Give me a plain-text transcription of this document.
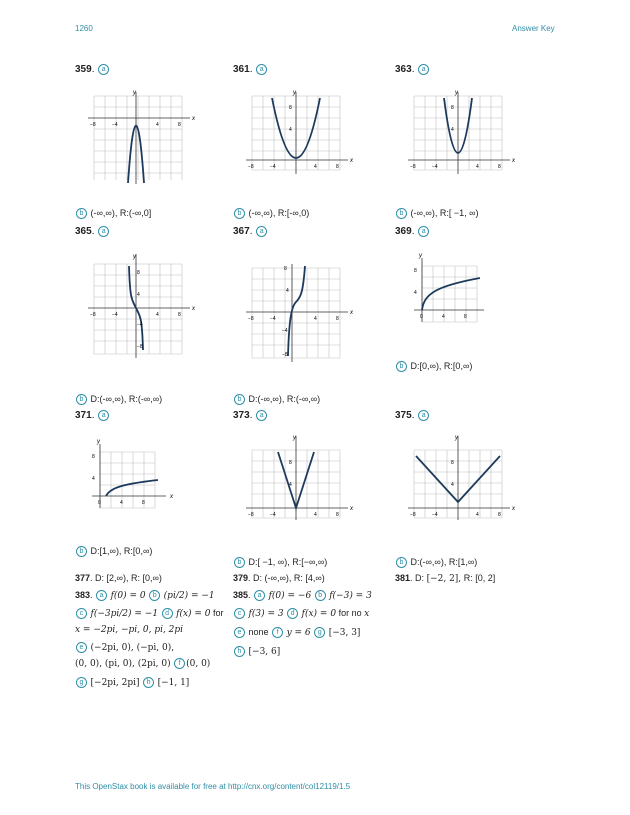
1260	Answer Key
359. a	361. a	363. a
x
y
−8	−4	4	8
x
y
8
4
−8	−4	4	8
x
y
8
4
−8	−4	4	8
b (-∞,∞), R:(-∞,0]	b (-∞,∞), R:[-∞,0)	b (-∞,∞), R:[ −1, ∞)
365. a	367. a	369. a
x
y
8
4
−4
−8
−8	−4	4	8	x
8
4
−4
−8
−8	−4	4	8
y
8
4
0	4	8
b D:[0,∞), R:[0,∞)
b D:(-∞,∞), R:(-∞,∞)	b D:(-∞,∞), R:(-∞,∞)
371. a	373. a	375. a
x
y
8
4
0	4	8
x
y
8
4
−8	−4	4	8
x
y
8
4
−8	−4	4	8
b D:[1,∞), R:[0,∞)
b D:[ −1, ∞), R:[−∞,∞)	b D:(-∞,∞), R:[1,∞)
377. D: [2,∞), R: [0,∞)	379. D: (-∞,∞), R: [4,∞)	381. D: [−2, 2], R: [0, 2]
383. a f(0) = 0 b (pi/2) = −1
c f(−3pi/2) = −1 d f(x) = 0 for
x = −2pi, −pi, 0, pi, 2pi
e (−2pi, 0), (−pi, 0),
(0, 0), (pi, 0), (2pi, 0) f (0, 0)
g [−2pi, 2pi] h [−1, 1]
385. a f(0) = −6 b f(−3) = 3
c f(3) = 3 d f(x) = 0 for no x
e none f y = 6 g [−3, 3]
h [−3, 6]
This OpenStax book is available for free at http://cnx.org/content/col12119/1.5
